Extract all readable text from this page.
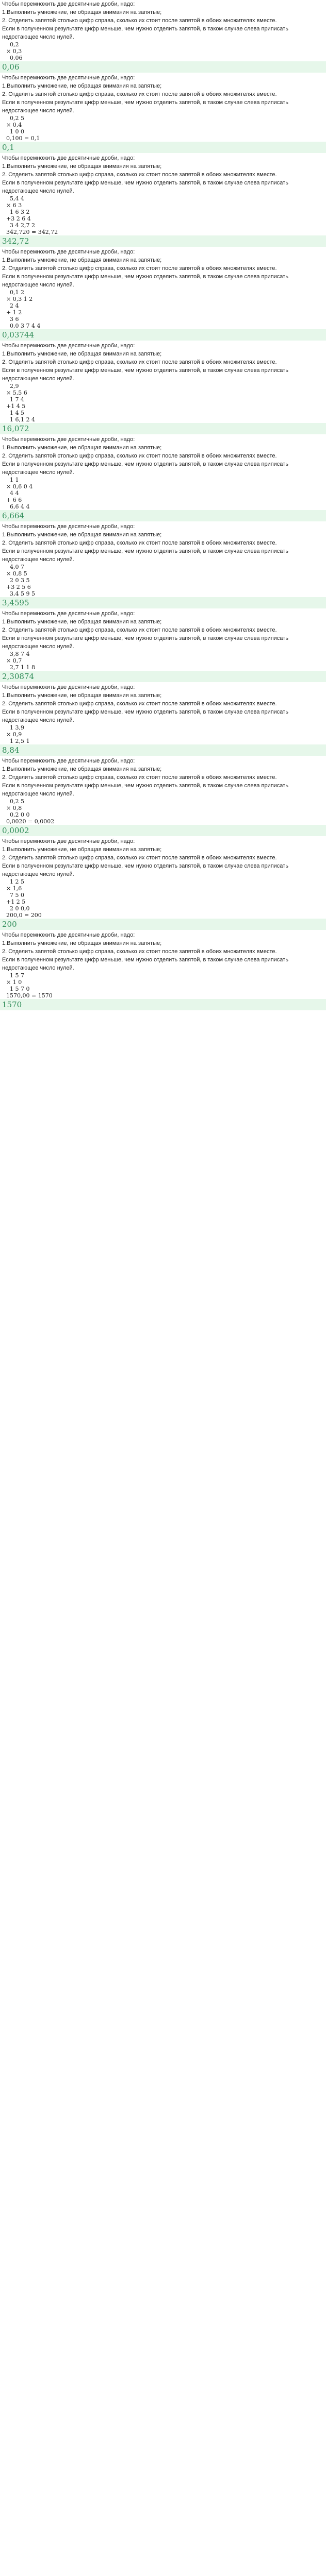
Чтобы перемножить две десятичные дроби, надо:
1.Выполнить умножение, не обращая внимания на запятые;
2. Отделить запятой столько цифр справа, сколько их стоит после запятой в обоих множителях вместе.
Если в полученном результате цифр меньше, чем нужно отделить запятой, в таком случае слева приписать недостающее число нулей.
0,2
× 0,3
0,06
0,06
Чтобы перемножить две десятичные дроби, надо:
1.Выполнить умножение, не обращая внимания на запятые;
2. Отделить запятой столько цифр справа, сколько их стоит после запятой в обоих множителях вместе.
Если в полученном результате цифр меньше, чем нужно отделить запятой, в таком случае слева приписать недостающее число нулей.
0,2 5
× 0,4
1 0 0
0,100 = 0,1
0,1
Чтобы перемножить две десятичные дроби, надо:
1.Выполнить умножение, не обращая внимания на запятые;
2. Отделить запятой столько цифр справа, сколько их стоит после запятой в обоих множителях вместе.
Если в полученном результате цифр меньше, чем нужно отделить запятой, в таком случае слева приписать недостающее число нулей.
5,4 4
× 6 3
1 6 3 2
+3 2 6 4
3 4 2,7 2
342,720 = 342,72
342,72
Чтобы перемножить две десятичные дроби, надо:
1.Выполнить умножение, не обращая внимания на запятые;
2. Отделить запятой столько цифр справа, сколько их стоит после запятой в обоих множителях вместе.
Если в полученном результате цифр меньше, чем нужно отделить запятой, в таком случае слева приписать недостающее число нулей.
0,1 2
× 0,3 1 2
2 4
+ 1 2
3 6
0,0 3 7 4 4
0,03744
Чтобы перемножить две десятичные дроби, надо:
1.Выполнить умножение, не обращая внимания на запятые;
2. Отделить запятой столько цифр справа, сколько их стоит после запятой в обоих множителях вместе.
Если в полученном результате цифр меньше, чем нужно отделить запятой, в таком случае слева приписать недостающее число нулей.
2,9
× 5,5 6
1 7 4
+1 4 5
1 4 5
1 6,1 2 4
16,072
Чтобы перемножить две десятичные дроби, надо:
1.Выполнить умножение, не обращая внимания на запятые;
2. Отделить запятой столько цифр справа, сколько их стоит после запятой в обоих множителях вместе.
Если в полученном результате цифр меньше, чем нужно отделить запятой, в таком случае слева приписать недостающее число нулей.
1 1
× 0,6 0 4
4 4
+ 6 6
6,6 4 4
6,664
Чтобы перемножить две десятичные дроби, надо:
1.Выполнить умножение, не обращая внимания на запятые;
2. Отделить запятой столько цифр справа, сколько их стоит после запятой в обоих множителях вместе.
Если в полученном результате цифр меньше, чем нужно отделить запятой, в таком случае слева приписать недостающее число нулей.
4,0 7
× 0,8 5
2 0 3 5
+3 2 5 6
3,4 5 9 5
3,4595
Чтобы перемножить две десятичные дроби, надо:
1.Выполнить умножение, не обращая внимания на запятые;
2. Отделить запятой столько цифр справа, сколько их стоит после запятой в обоих множителях вместе.
Если в полученном результате цифр меньше, чем нужно отделить запятой, в таком случае слева приписать недостающее число нулей.
3,8 7 4
× 0,7
2,7 1 1 8
2,30874
Чтобы перемножить две десятичные дроби, надо:
1.Выполнить умножение, не обращая внимания на запятые;
2. Отделить запятой столько цифр справа, сколько их стоит после запятой в обоих множителях вместе.
Если в полученном результате цифр меньше, чем нужно отделить запятой, в таком случае слева приписать недостающее число нулей.
1 3,9
× 0,9
1 2,5 1
8,84
Чтобы перемножить две десятичные дроби, надо:
1.Выполнить умножение, не обращая внимания на запятые;
2. Отделить запятой столько цифр справа, сколько их стоит после запятой в обоих множителях вместе.
Если в полученном результате цифр меньше, чем нужно отделить запятой, в таком случае слева приписать недостающее число нулей.
0,2 5
× 0,8
0,2 0 0
0,0020 = 0,0002
0,0002
Чтобы перемножить две десятичные дроби, надо:
1.Выполнить умножение, не обращая внимания на запятые;
2. Отделить запятой столько цифр справа, сколько их стоит после запятой в обоих множителях вместе.
Если в полученном результате цифр меньше, чем нужно отделить запятой, в таком случае слева приписать недостающее число нулей.
1 2 5
× 1,6
7 5 0
+1 2 5
2 0 0,0
200,0 = 200
200
Чтобы перемножить две десятичные дроби, надо:
1.Выполнить умножение, не обращая внимания на запятые;
2. Отделить запятой столько цифр справа, сколько их стоит после запятой в обоих множителях вместе.
Если в полученном результате цифр меньше, чем нужно отделить запятой, в таком случае слева приписать недостающее число нулей.
1 5 7
× 1 0
1 5 7 0
1570,00 = 1570
1570
